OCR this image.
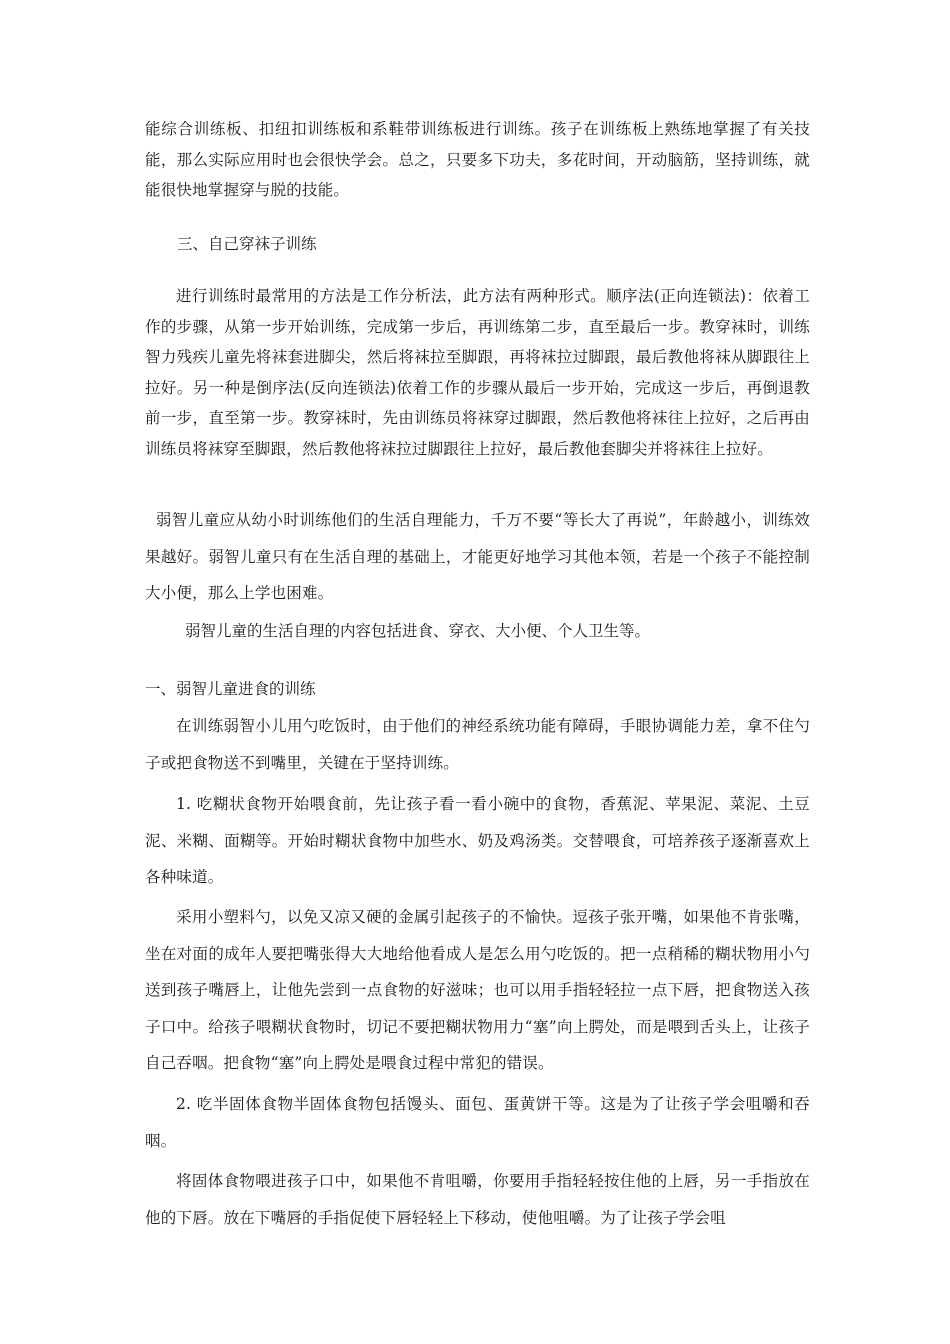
能综合训练板、扣纽扣训练板和系鞋带训练板进行训练。孩子在训练板上熟练地掌握了有关技能，那么实际应用时也会很快学会。总之，只要多下功夫，多花时间，开动脑筋，坚持训练，就能很快地掌握穿与脱的技能。

三、自己穿袜子训练

进行训练时最常用的方法是工作分析法，此方法有两种形式。顺序法(正向连锁法)：依着工作的步骤，从第一步开始训练，完成第一步后，再训练第二步，直至最后一步。教穿袜时，训练智力残疾儿童先将袜套进脚尖，然后将袜拉至脚跟，再将袜拉过脚跟，最后教他将袜从脚跟往上拉好。另一种是倒序法(反向连锁法)依着工作的步骤从最后一步开始，完成这一步后，再倒退教前一步，直至第一步。教穿袜时，先由训练员将袜穿过脚跟，然后教他将袜往上拉好，之后再由训练员将袜穿至脚跟，然后教他将袜拉过脚跟往上拉好，最后教他套脚尖并将袜往上拉好。

弱智儿童应从幼小时训练他们的生活自理能力，千万不要“等长大了再说”，年龄越小，训练效果越好。弱智儿童只有在生活自理的基础上，才能更好地学习其他本领，若是一个孩子不能控制大小便，那么上学也困难。

弱智儿童的生活自理的内容包括进食、穿衣、大小便、个人卫生等。

一、弱智儿童进食的训练

在训练弱智小儿用勺吃饭时，由于他们的神经系统功能有障碍，手眼协调能力差，拿不住勺子或把食物送不到嘴里，关键在于坚持训练。

1. 吃糊状食物开始喂食前，先让孩子看一看小碗中的食物，香蕉泥、苹果泥、菜泥、土豆泥、米糊、面糊等。开始时糊状食物中加些水、奶及鸡汤类。交替喂食，可培养孩子逐渐喜欢上各种味道。

采用小塑料勺，以免又凉又硬的金属引起孩子的不愉快。逗孩子张开嘴，如果他不肯张嘴，坐在对面的成年人要把嘴张得大大地给他看成人是怎么用勺吃饭的。把一点稍稀的糊状物用小勺送到孩子嘴唇上，让他先尝到一点食物的好滋味；也可以用手指轻轻拉一点下唇，把食物送入孩子口中。给孩子喂糊状食物时，切记不要把糊状物用力“塞”向上腭处，而是喂到舌头上，让孩子自己吞咽。把食物“塞”向上腭处是喂食过程中常犯的错误。

2. 吃半固体食物半固体食物包括馒头、面包、蛋黄饼干等。这是为了让孩子学会咀嚼和吞咽。

将固体食物喂进孩子口中，如果他不肯咀嚼，你要用手指轻轻按住他的上唇，另一手指放在他的下唇。放在下嘴唇的手指促使下唇轻轻上下移动，使他咀嚼。为了让孩子学会咀
